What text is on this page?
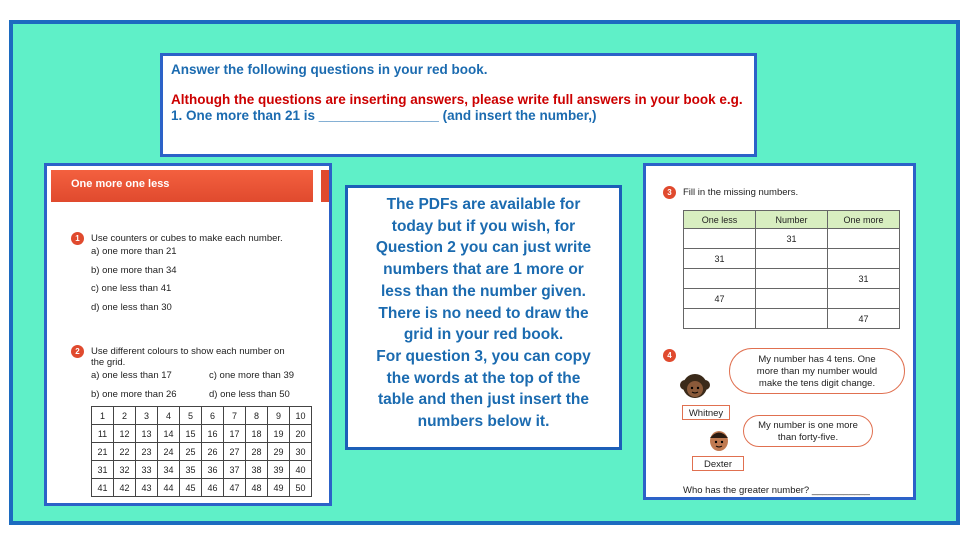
Answer the following questions in your red book.

Although the questions are inserting answers, please write full answers in your book e.g.

1. One more than 21 is ________________ (and insert the number,)

One more one less
1	Use counters or cubes to make each number.
a) one more than 21
b) one more than 34
c) one less than 41
d) one less than 30
2	Use different colours to show each number on
the grid.
a) one less than 17	c) one more than 39
b) one more than 26	d) one less than 50
1	2	3	4	5	6	7	8	9	10
11	12	13	14	15	16	17	18	19	20
21	22	23	24	25	26	27	28	29	30
31	32	33	34	35	36	37	38	39	40
41	42	43	44	45	46	47	48	49	50

The PDFs are available for

today but if you wish, for

Question 2 you can just write

numbers that are 1 more or

less than the number given.

There is no need to draw the

grid in your red book.

For question 3, you can copy

the words at the top of the

table and then just insert the

numbers below it.

3	Fill in the missing numbers.
One less	Number	One more
	31	
31		
		31
47		
		47
4	My number has 4 tens. One
more than my number would
make the tens digit change.
Whitney
My number is one more
than forty-five.
Dexter
Who has the greater number? ___________
